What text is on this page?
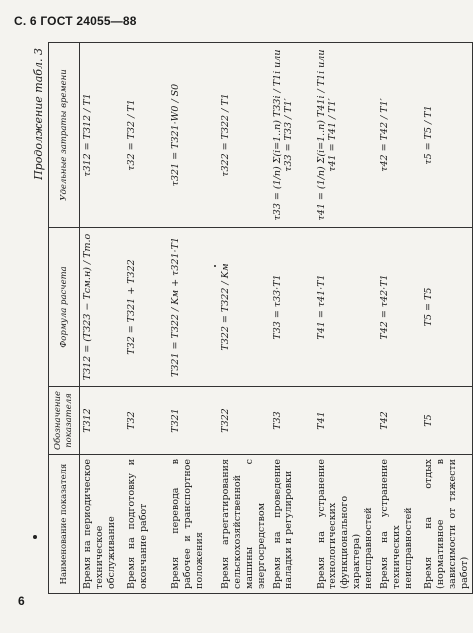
С. 6 ГОСТ 24055—88
Продолжение табл. 3
Наименование показателя	Обозначение показателя	Формула расчета	Удельные затраты времени
Время на периодическое техническое обслуживание	T312	T312 = (T323 − Tсм.н) / Tт.о	τ312 = T312 / T1
Время на подготовку и окончание работ	T32	T32 = T321 + T322	τ32 = T32 / T1
Время перевода в рабочее и транспортное положения	T321	T321 = T322 / Kм + τ321·T1	τ321 = T321·W0 / S0
Время агрегатирования сельскохозяйственной машины с энергосредством	T322	T322 = T322 / Kм	τ322 = T322 / T1
Время на проведение наладки и регулировки	T33	T33 = τ33·T1	τ33 = (1/n) Σ(i=1..n) T33i / T1i или τ33 = T33 / T1′
Время на устранение технологических (функционального характера) неисправностей	T41	T41 = τ41·T1	τ41 = (1/n) Σ(i=1..n) T41i / T1i или τ41 = T41 / T1′
Время на устранение технических неисправностей	T42	T42 = τ42·T1	τ42 = T42 / T1′
Время на отдых (нормативное в зависимости от тяжести работ)	T5	T5 = T5	τ5 = T5 / T1
6
